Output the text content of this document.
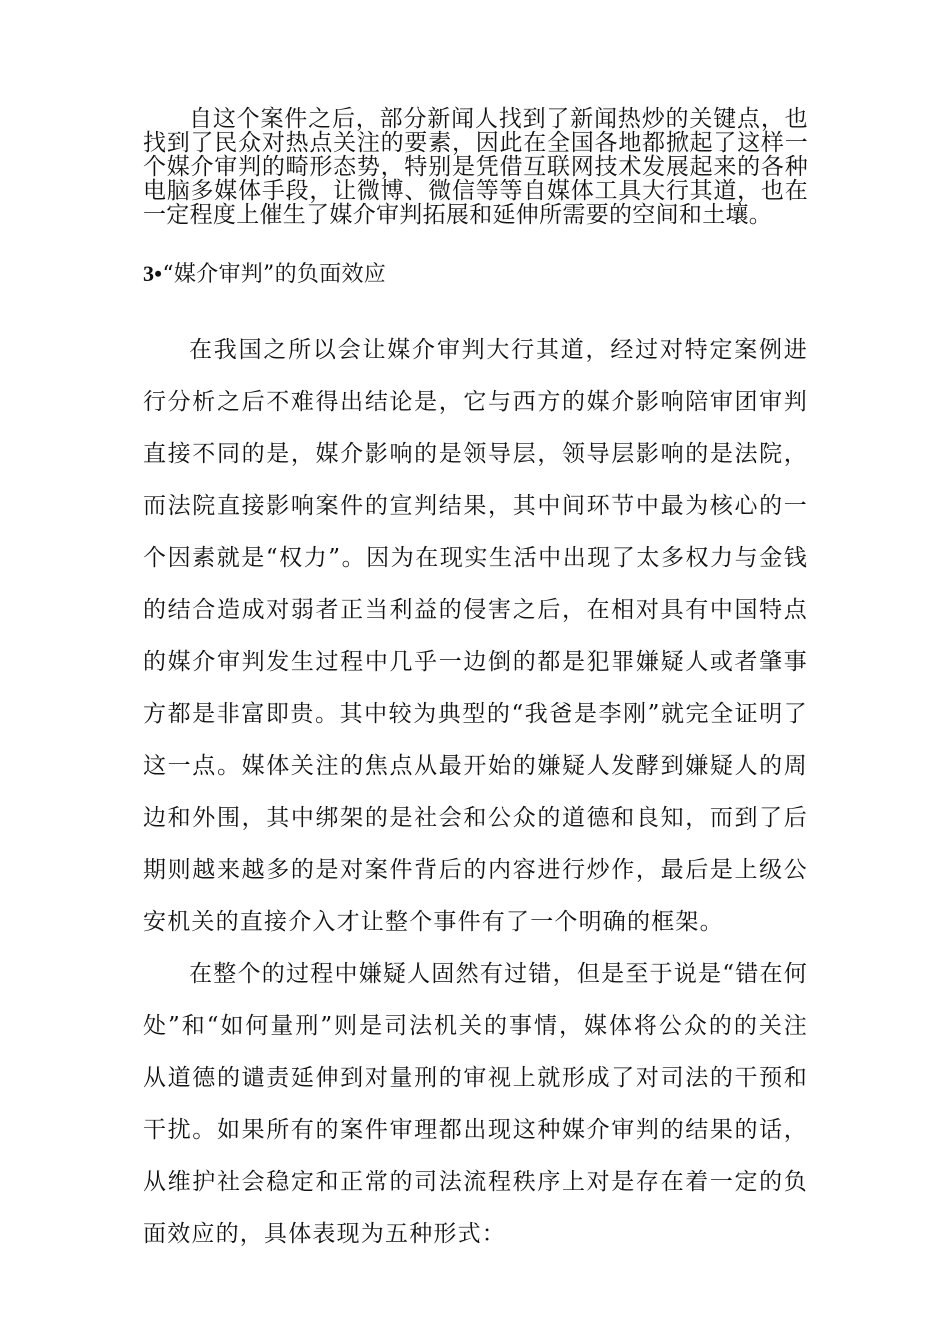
自这个案件之后，部分新闻人找到了新闻热炒的关键点，也找到了民众对热点关注的要素，因此在全国各地都掀起了这样一个媒介审判的畸形态势，特别是凭借互联网技术发展起来的各种电脑多媒体手段，让微博、微信等等自媒体工具大行其道，也在一定程度上催生了媒介审判拓展和延伸所需要的空间和土壤。

3•“媒介审判”的负面效应

在我国之所以会让媒介审判大行其道，经过对特定案例进行分析之后不难得出结论是，它与西方的媒介影响陪审团审判直接不同的是，媒介影响的是领导层，领导层影响的是法院，而法院直接影响案件的宣判结果，其中间环节中最为核心的一个因素就是“权力”。因为在现实生活中出现了太多权力与金钱的结合造成对弱者正当利益的侵害之后，在相对具有中国特点的媒介审判发生过程中几乎一边倒的都是犯罪嫌疑人或者肇事方都是非富即贵。其中较为典型的“我爸是李刚”就完全证明了这一点。媒体关注的焦点从最开始的嫌疑人发酵到嫌疑人的周边和外围，其中绑架的是社会和公众的道德和良知，而到了后期则越来越多的是对案件背后的内容进行炒作，最后是上级公安机关的直接介入才让整个事件有了一个明确的框架。

在整个的过程中嫌疑人固然有过错，但是至于说是“错在何处”和“如何量刑”则是司法机关的事情，媒体将公众的的关注从道德的谴责延伸到对量刑的审视上就形成了对司法的干预和干扰。如果所有的案件审理都出现这种媒介审判的结果的话，从维护社会稳定和正常的司法流程秩序上对是存在着一定的负面效应的，具体表现为五种形式：
